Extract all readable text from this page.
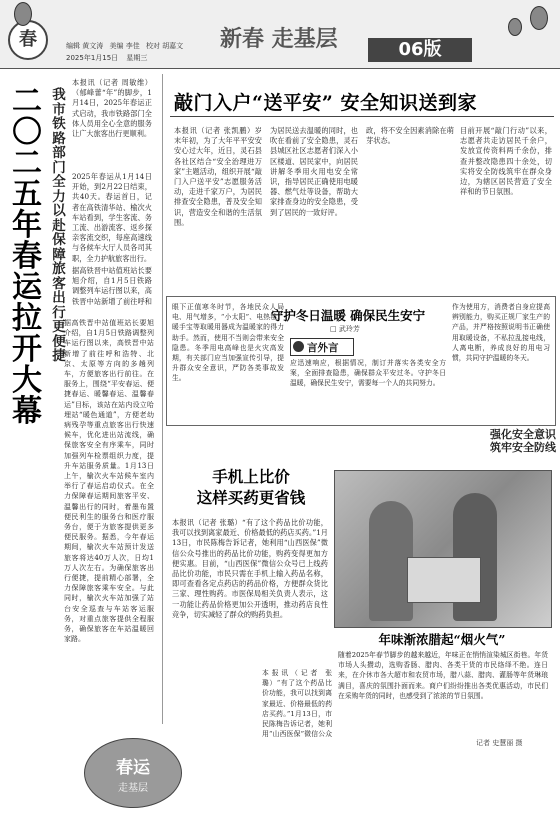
春	编辑 黄文涛 美编 李佳 校对 胡嘉文
2025年1月15日 星期三
新春 走基层	06版
二
〇
二
五
年
春
运
拉
开
大
幕
我市铁路部门全力以赴保障旅客出行更便捷
本报讯（记者 周敏维）（郁峰蕾“年”的脚步，1月14日，2025年春运正式启动，我市铁路部门全体人员用全心全意的服务让广大旅客出行更顺利。
2025年春运从1月14日开始，到2月22日结束，共40天。春运首日，记者在高铁清华站、榆次火车站看到，学生客流、务工流、出游流客、返乡探亲客流交织，每座高速线与各候车大厅人员各司其职，全力护航旅客出行。
据高铁晋中站值班站长要旭介绍，自1月5日铁路调整列车运行图以来，高铁晋中站新增了前往呼和
据高铁晋中站值班站长要旭介绍，自1月5日铁路调整列车运行图以来，高铁晋中站新增了前往呼和浩特、北京、太原等方向的多趟列车，方便旅客出行前往。在服务上，围绕“平安春运、便捷春运、暖馨春运、温馨春运”目标，该站在站内设立哈埋站“暖色通道”，方便老幼病残孕等重点旅客出行快速候车，优化进出站流线，确保旅客安全有序乘车，同时加强列车检票组织力度，提升车站服务质量。1月13日上午，榆次火车站候车室内举行了春运启动仪式。在全力保障春运期间旅客平安、温馨出行的同时，着墨布置便民利生的服务台和医疗服务台，便于为旅客提供更多便民服务。据悉，今年春运期间，榆次火车站预计发送旅客将达40万人次，日均1万人次左右。为确保旅客出行便捷，提前精心部署，全力保障旅客乘车安全。与此同时，榆次火车站加强了站台安全巡查与车站客运服务，对重点旅客提供全程服务，确保旅客在车站温暖回家路。
敲门入户“送平安” 安全知识送到家
本报讯（记者 张凯鹏）岁末年初，为了大年平平安安安心过大年，近日，灵石县各社区结合“安全治理进万家”主题活动，组织开展“敲门入户送平安”志愿服务活动，走进千家万户，为居民排查安全隐患，普及安全知识，营造安全和谐的生活氛围。
为居民送去温暖的同时，也吹在看前了安全隐患，灵石县城区社区志愿者们深入小区楼道、居民家中，向居民讲解冬季用火用电安全常识，指导居民正确使用电暖器、燃气灶等设备，帮助大家排查身边的安全隐患，受到了居民的一致好评。
政，将不安全因素消除在萌芽状态。
目前开展“敲门行动”以来，志愿者共走访居民千余户，发放宣传资料两千余份，排查并整改隐患四十余处，切实将安全防线筑牢在群众身边，为辖区居民营造了安全祥和的节日氛围。
守护冬日温暖 确保民生安宁
□ 武玲芳
言外言
眼下正值寒冬时节，各地民众人局电、用气增多，“小太阳”、电热毯、暖手宝等取暖用器成为温暖家的得力助手。然而，使用不当则会带来安全隐患。冬季用电高峰也是火灾高发期，有关部门应当加强宣传引导，提升群众安全意识，严防各类事故发生。
应迅速响应，根据情况，制订并落实各类安全方案，全面排查隐患，确保群众平安过冬。守护冬日温暖，确保民生安宁，需要每一个人的共同努力。
作为使用方，消费者自身应提高辨别能力，购买正规厂家生产的产品，并严格按照说明书正确使用取暖设备，不私拉乱接电线，人离电断，养成良好的用电习惯，共同守护温暖的冬天。
强化安全意识
筑牢安全防线
手机上比价
这样买药更省钱
本报讯（记者 张璐）“有了这个药品比价功能，我可以找到离家最近、价格最低的药店买药。”1月13日，市民陈梅告诉记者，她利用“山西医保”微信公众号推出的药品比价功能，购药变得更加方便实惠。目前，“山西医保”微信公众号已上线药品比价功能，市民只需在手机上输入药品名称，即可查看各定点药店的药品价格，方便群众货比三家、理性购药。市医保局相关负责人表示，这一功能让药品价格更加公开透明，推动药店良性竞争，切实减轻了群众的购药负担。
本报讯（记者 张璐）“有了这个药品比价功能，我可以找到离家最近、价格最低的药店买药。”1月13日，市民陈梅告诉记者，她利用“山西医保”微信公众
年味渐浓腊起“烟火气”
随着2025年春节脚步的越来越近，年味正在悄悄渲染城区街巷。年货市场人头攒动，选购香肠、腊肉、各类干货的市民络绎不绝。连日来，在介休市各大超市和农贸市场，腊八蒜、腊肉、灌肠等年货琳琅满目，喜庆的氛围扑面而来。商户们纷纷推出各类优惠活动，市民们在采购年货的同时，也感受到了浓浓的节日氛围。
记者 史慧丽 摄
春运
走基层
